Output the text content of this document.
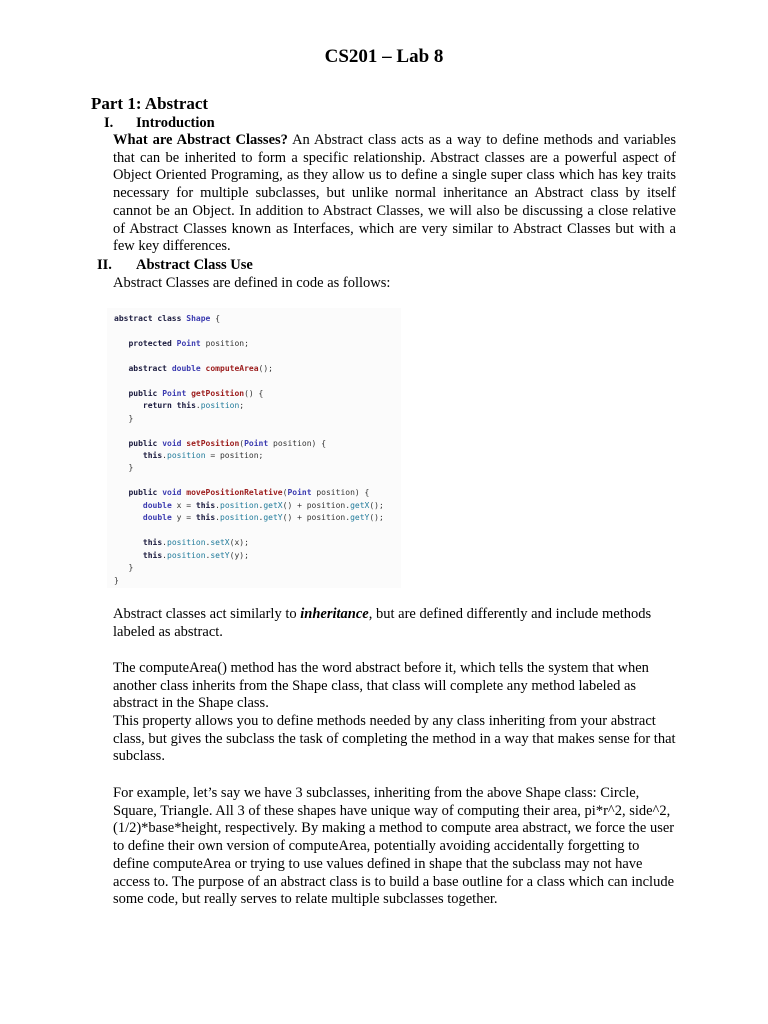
CS201 – Lab 8
Part 1: Abstract
I. Introduction

What are Abstract Classes? An Abstract class acts as a way to define methods and variables that can be inherited to form a specific relationship. Abstract classes are a powerful aspect of Object Oriented Programing, as they allow us to define a single super class which has key traits necessary for multiple subclasses, but unlike normal inheritance an Abstract class by itself cannot be an Object. In addition to Abstract Classes, we will also be discussing a close relative of Abstract Classes known as Interfaces, which are very similar to Abstract Classes but with a few key differences.

II. Abstract Class Use

Abstract Classes are defined in code as follows:

abstract class Shape {

protected Point position;

abstract double computeArea();

public Point getPosition() {
return this.position;
}

public void setPosition(Point position) {
this.position = position;
}

public void movePositionRelative(Point position) {
double x = this.position.getX() + position.getX();
double y = this.position.getY() + position.getY();

this.position.setX(x);
this.position.setY(y);
}
}

Abstract classes act similarly to inheritance, but are defined differently and include methods labeled as abstract.

The computeArea() method has the word abstract before it, which tells the system that when another class inherits from the Shape class, that class will complete any method labeled as abstract in the Shape class.

This property allows you to define methods needed by any class inheriting from your abstract class, but gives the subclass the task of completing the method in a way that makes sense for that subclass.

For example, let’s say we have 3 subclasses, inheriting from the above Shape class: Circle, Square, Triangle. All 3 of these shapes have unique way of computing their area, pi*r^2, side^2, (1/2)*base*height, respectively. By making a method to compute area abstract, we force the user to define their own version of computeArea, potentially avoiding accidentally forgetting to define computeArea or trying to use values defined in shape that the subclass may not have access to. The purpose of an abstract class is to build a base outline for a class which can include some code, but really serves to relate multiple subclasses together.
